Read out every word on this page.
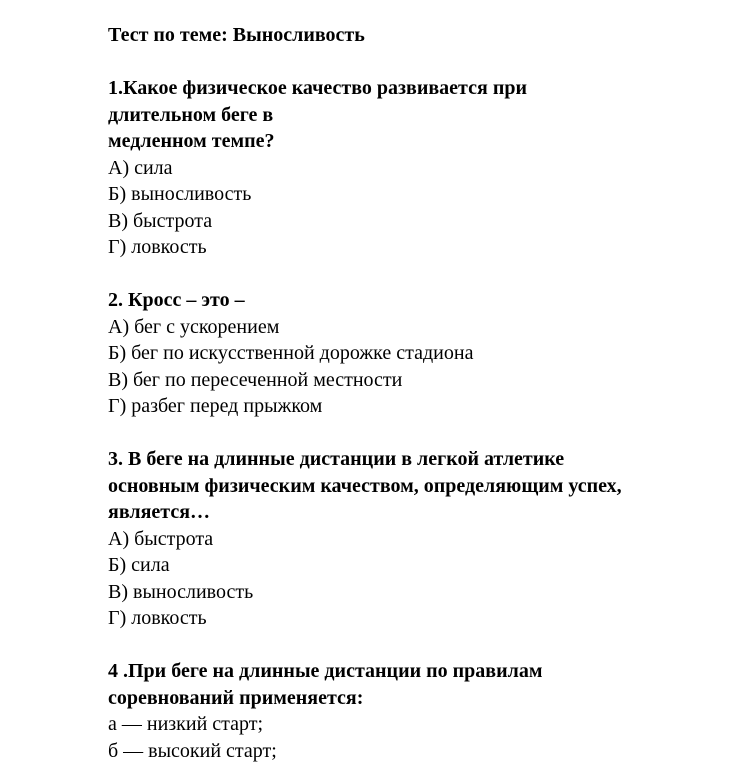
Тест по теме: Выносливость

1.Какое физическое качество развивается при

длительном беге в

медленном темпе?

А) сила

Б) выносливость

В) быстрота

Г) ловкость

2. Кросс – это –

А) бег с ускорением

Б) бег по искусственной дорожке стадиона

В) бег по пересеченной местности

Г) разбег перед прыжком

3. В беге на длинные дистанции в легкой атлетике

основным физическим качеством, определяющим успех,

является…

А) быстрота

Б) сила

В) выносливость

Г) ловкость

4 .При беге на длинные дистанции по правилам

соревнований применяется:

а — низкий старт;

б — высокий старт;
